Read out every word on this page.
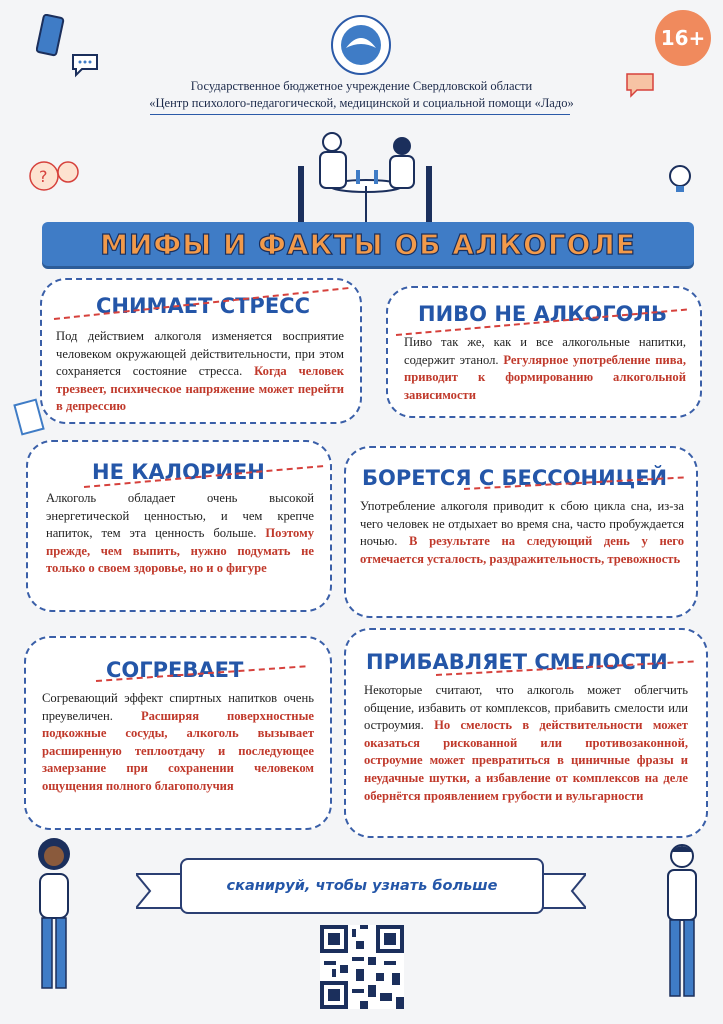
?
16+
Государственное бюджетное учреждение Свердловской области
«Центр психолого-педагогической, медицинской и социальной помощи «Ладо»
МИФЫ И ФАКТЫ ОБ АЛКОГОЛЕ
СНИМАЕТ СТРЕСС
Под действием алкоголя изменяется восприятие человеком окружающей действительности, при этом сохраняется состояние стресса. Когда человек трезвеет, психическое напряжение может перейти в депрессию
ПИВО НЕ АЛКОГОЛЬ
Пиво так же, как и все алкогольные напитки, содержит этанол. Регулярное употребление пива, приводит к формированию алкогольной зависимости
НЕ КАЛОРИЕН
Алкоголь обладает очень высокой энергетической ценностью, и чем крепче напиток, тем эта ценность больше. Поэтому прежде, чем выпить, нужно подумать не только о своем здоровье, но и о фигуре
БОРЕТСЯ С БЕССОНИЦЕЙ
Употребление алкоголя приводит к сбою цикла сна, из-за чего человек не отдыхает во время сна, часто пробуждается ночью. В результате на следующий день у него отмечается усталость, раздражительность, тревожность
СОГРЕВАЕТ
Согревающий эффект спиртных напитков очень преувеличен. Расширяя поверхностные подкожные сосуды, алкоголь вызывает расширенную теплоотдачу и последующее замерзание при сохранении человеком ощущения полного благополучия
ПРИБАВЛЯЕТ СМЕЛОСТИ
Некоторые считают, что алкоголь может облегчить общение, избавить от комплексов, прибавить смелости или остроумия. Но смелость в действительности может оказаться рискованной или противозаконной, остроумие может превратиться в циничные фразы и неудачные шутки, а избавление от комплексов на деле обернётся проявлением грубости и вульгарности
сканируй, чтобы узнать больше
